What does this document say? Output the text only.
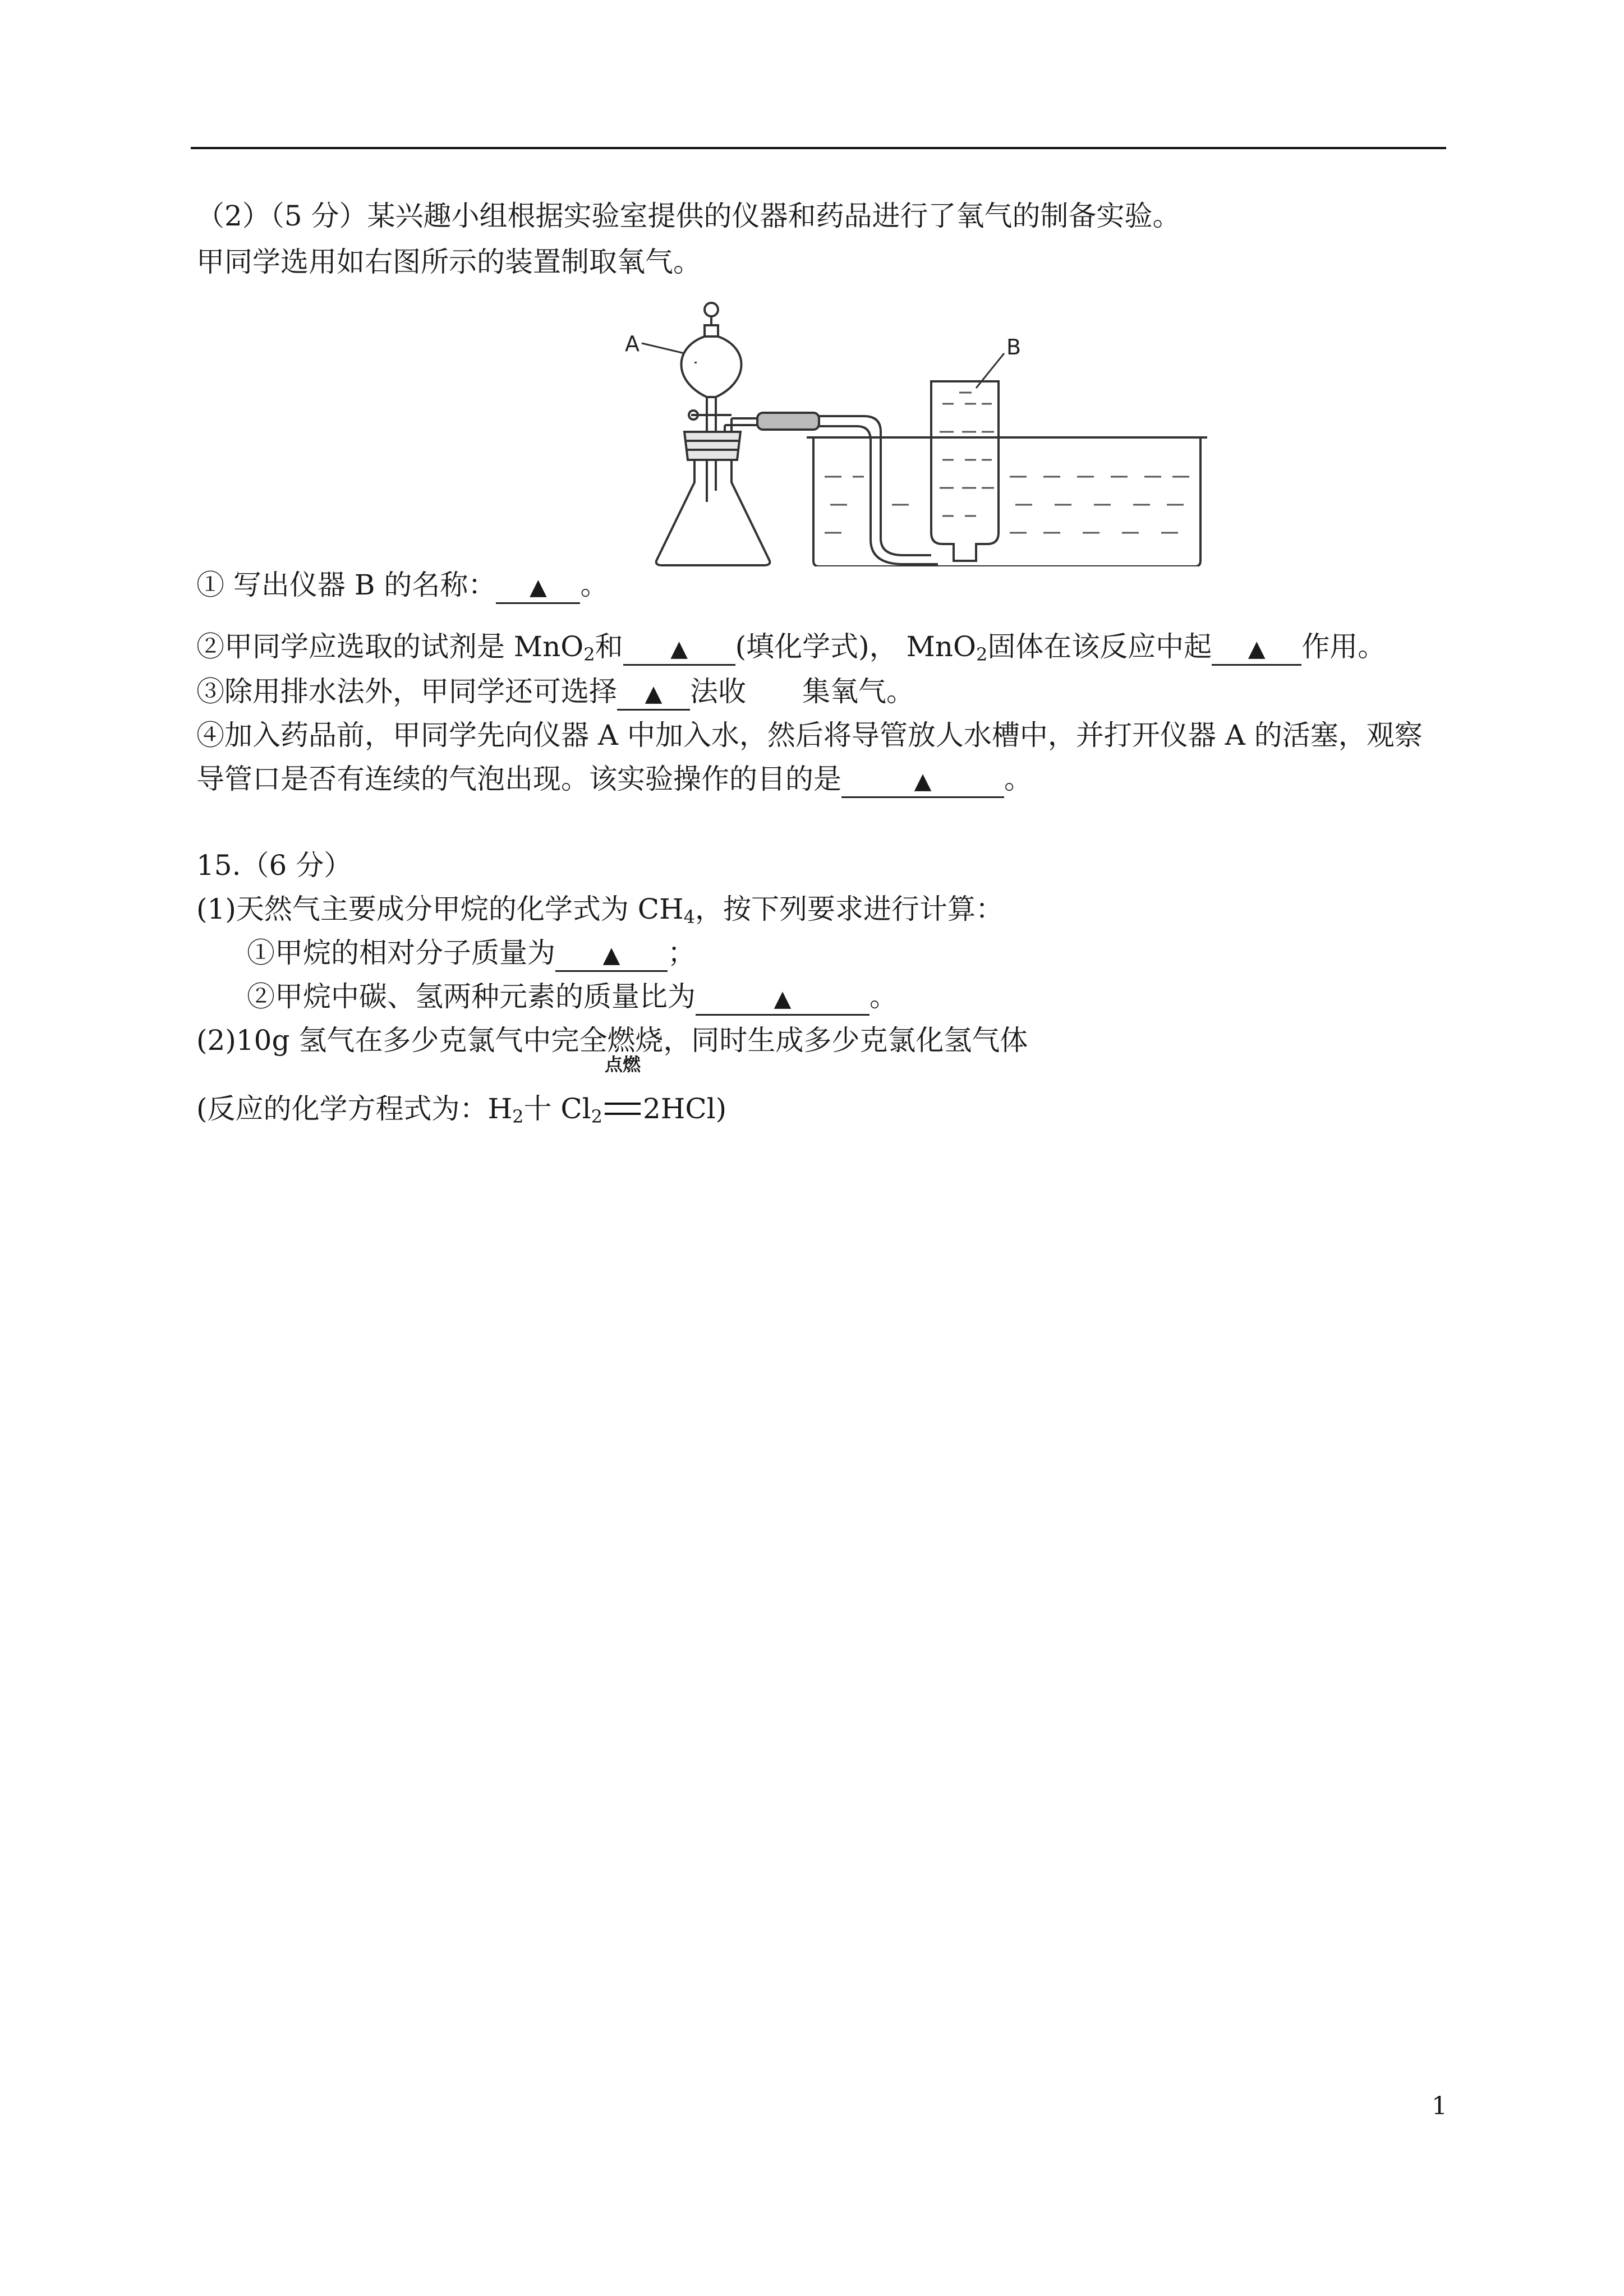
（2）（5 分）某兴趣小组根据实验室提供的仪器和药品进行了氧气的制备实验。
甲同学选用如右图所示的装置制取氧气。
A	B
① 写出仪器 B 的名称： ▲ 。
②甲同学应选取的试剂是 MnO$_2$和 ▲ (填化学式)， MnO$_2$固体在该反应中起 ▲ 作用。
③除用排水法外，甲同学还可选择 ▲ 法收　　集氧气。
④加入药品前，甲同学先向仪器 A 中加入水，然后将导管放人水槽中，并打开仪器 A 的活塞，观察
导管口是否有连续的气泡出现。该实验操作的目的是	▲	。
15.（6 分）
(1)天然气主要成分甲烷的化学式为 $CH_4$，按下列要求进行计算：
①甲烷的相对分子质量为 ▲ ；
②甲烷中碳、氢两种元素的质量比为	▲	。
(2)10g 氢气在多少克氯气中完全燃烧，同时生成多少克氯化氢气体
(反应的化学方程式为：$H_2$十 $Cl_2$
点燃
2HCl)
1
